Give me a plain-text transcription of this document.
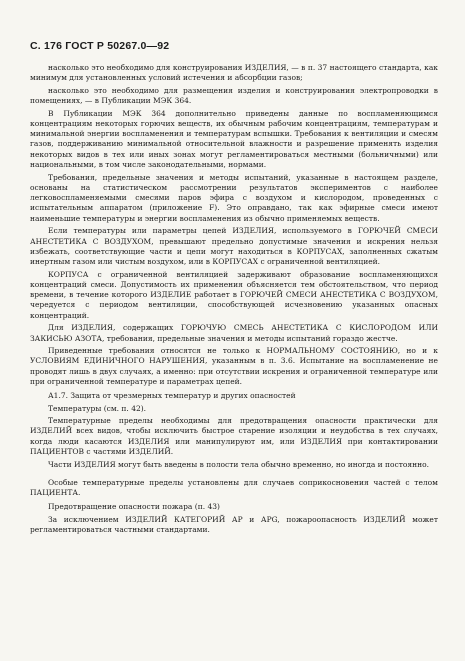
С. 176 ГОСТ Р 50267.0—92

насколько это необходимо для конструирования ИЗДЕЛИЯ, — в п. 37 настоящего стандарта, как минимум для установленных условий истечения и абсорбции газов;

насколько это необходимо для размещения изделия и конструирования электропроводки в помещениях, — в Публикации МЭК 364.

В Публикации МЭК 364 дополнительно приведены данные по воспламеняющимся концентрациям некоторых горючих веществ, их обычным рабочим концентрациям, температурам и минимальной энергии воспламенения и температурам вспышки. Требования к вентиляции и смесям газов, поддерживанию минимальной относительной влажности и разрешение применять изделия некоторых видов в тех или иных зонах могут регламентироваться местными (больничными) или национальными, в том числе законодательными, нормами.

Требования, предельные значения и методы испытаний, указанные в настоящем разделе, основаны на статистическом рассмотрении результатов экспериментов с наиболее легковоспламеняемыми смесями паров эфира с воздухом и кислородом, проведенных с испытательным аппаратом (приложение F). Это оправдано, так как эфирные смеси имеют наименьшие температуры и энергии воспламенения из обычно применяемых веществ.

Если температуры или параметры цепей ИЗДЕЛИЯ, используемого в ГОРЮЧЕЙ СМЕСИ АНЕСТЕТИКА С ВОЗДУХОМ, превышают предельно допустимые значения и искрения нельзя избежать, соответствующие части и цепи могут находиться в КОРПУСАХ, заполненных сжатым инертным газом или чистым воздухом, или в КОРПУСАХ с ограниченной вентиляцией.

КОРПУСА с ограниченной вентиляцией задерживают образование воспламеняющихся концентраций смеси. Допустимость их применения объясняется тем обстоятельством, что период времени, в течение которого ИЗДЕЛИЕ работает в ГОРЮЧЕЙ СМЕСИ АНЕСТЕТИКА С ВОЗДУХОМ, чередуется с периодом вентиляции, способствующей исчезновению указанных опасных концентраций.

Для ИЗДЕЛИЯ, содержащих ГОРЮЧУЮ СМЕСЬ АНЕСТЕТИКА С КИСЛОРОДОМ ИЛИ ЗАКИСЬЮ АЗОТА, требования, предельные значения и методы испытаний гораздо жестче.

Приведенные требования относятся не только к НОРМАЛЬНОМУ СОСТОЯНИЮ, но и к УСЛОВИЯМ ЕДИНИЧНОГО НАРУШЕНИЯ, указанным в п. 3.6. Испытание на воспламенение не проводят лишь в двух случаях, а именно: при отсутствии искрения и ограниченной температуре или при ограниченной температуре и параметрах цепей.

А1.7. Защита от чрезмерных температур и других опасностей

Температуры (см. п. 42).

Температурные пределы необходимы для предотвращения опасности практически для ИЗДЕЛИЙ всех видов, чтобы исключить быстрое старение изоляции и неудобства в тех случаях, когда люди касаются ИЗДЕЛИЯ или манипулируют им, или ИЗДЕЛИЯ при контактировании ПАЦИЕНТОВ с частями ИЗДЕЛИЙ.

Части ИЗДЕЛИЯ могут быть введены в полости тела обычно временно, но иногда и постоянно.

Особые температурные пределы установлены для случаев соприкосновения частей с телом ПАЦИЕНТА.

Предотвращение опасности пожара (п. 43)

За исключением ИЗДЕЛИЙ КАТЕГОРИЙ АР и АРG, пожароопасность ИЗДЕЛИЙ может регламентироваться частными стандартами.
